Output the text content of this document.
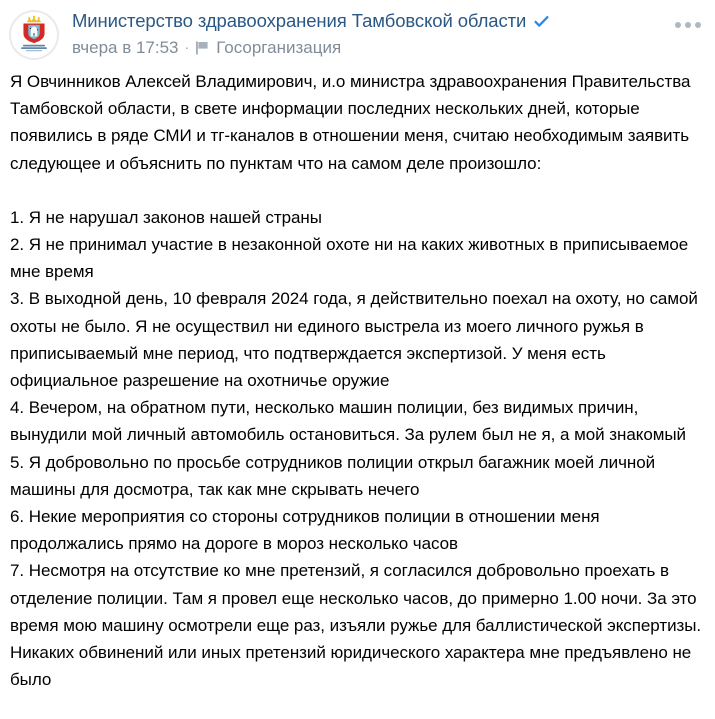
Министерство здравоохранения Тамбовской области
вчера в 17:53 · Госорганизация

Я Овчинников Алексей Владимирович, и.о министра здравоохранения Правительства Тамбовской области, в свете информации последних нескольких дней, которые появились в ряде СМИ и тг-каналов в отношении меня, считаю необходимым заявить следующее и объяснить по пунктам что на самом деле произошло:

1. Я не нарушал законов нашей страны

2. Я не принимал участие в незаконной охоте ни на каких животных в приписываемое мне время

3. В выходной день, 10 февраля 2024 года, я действительно поехал на охоту, но самой охоты не было. Я не осуществил ни единого выстрела из моего личного ружья в приписываемый мне период, что подтверждается экспертизой. У меня есть официальное разрешение на охотничье оружие

4. Вечером, на обратном пути, несколько машин полиции, без видимых причин, вынудили мой личный автомобиль остановиться. За рулем был не я, а мой знакомый

5. Я добровольно по просьбе сотрудников полиции открыл багажник моей личной машины для досмотра, так как мне скрывать нечего

6. Некие мероприятия со стороны сотрудников полиции в отношении меня продолжались прямо на дороге в мороз несколько часов

7. Несмотря на отсутствие ко мне претензий, я согласился добровольно проехать в отделение полиции. Там я провел еще несколько часов, до примерно 1.00 ночи. За это время мою машину осмотрели еще раз, изъяли ружье для баллистической экспертизы. Никаких обвинений или иных претензий юридического характера мне предъявлено не было
